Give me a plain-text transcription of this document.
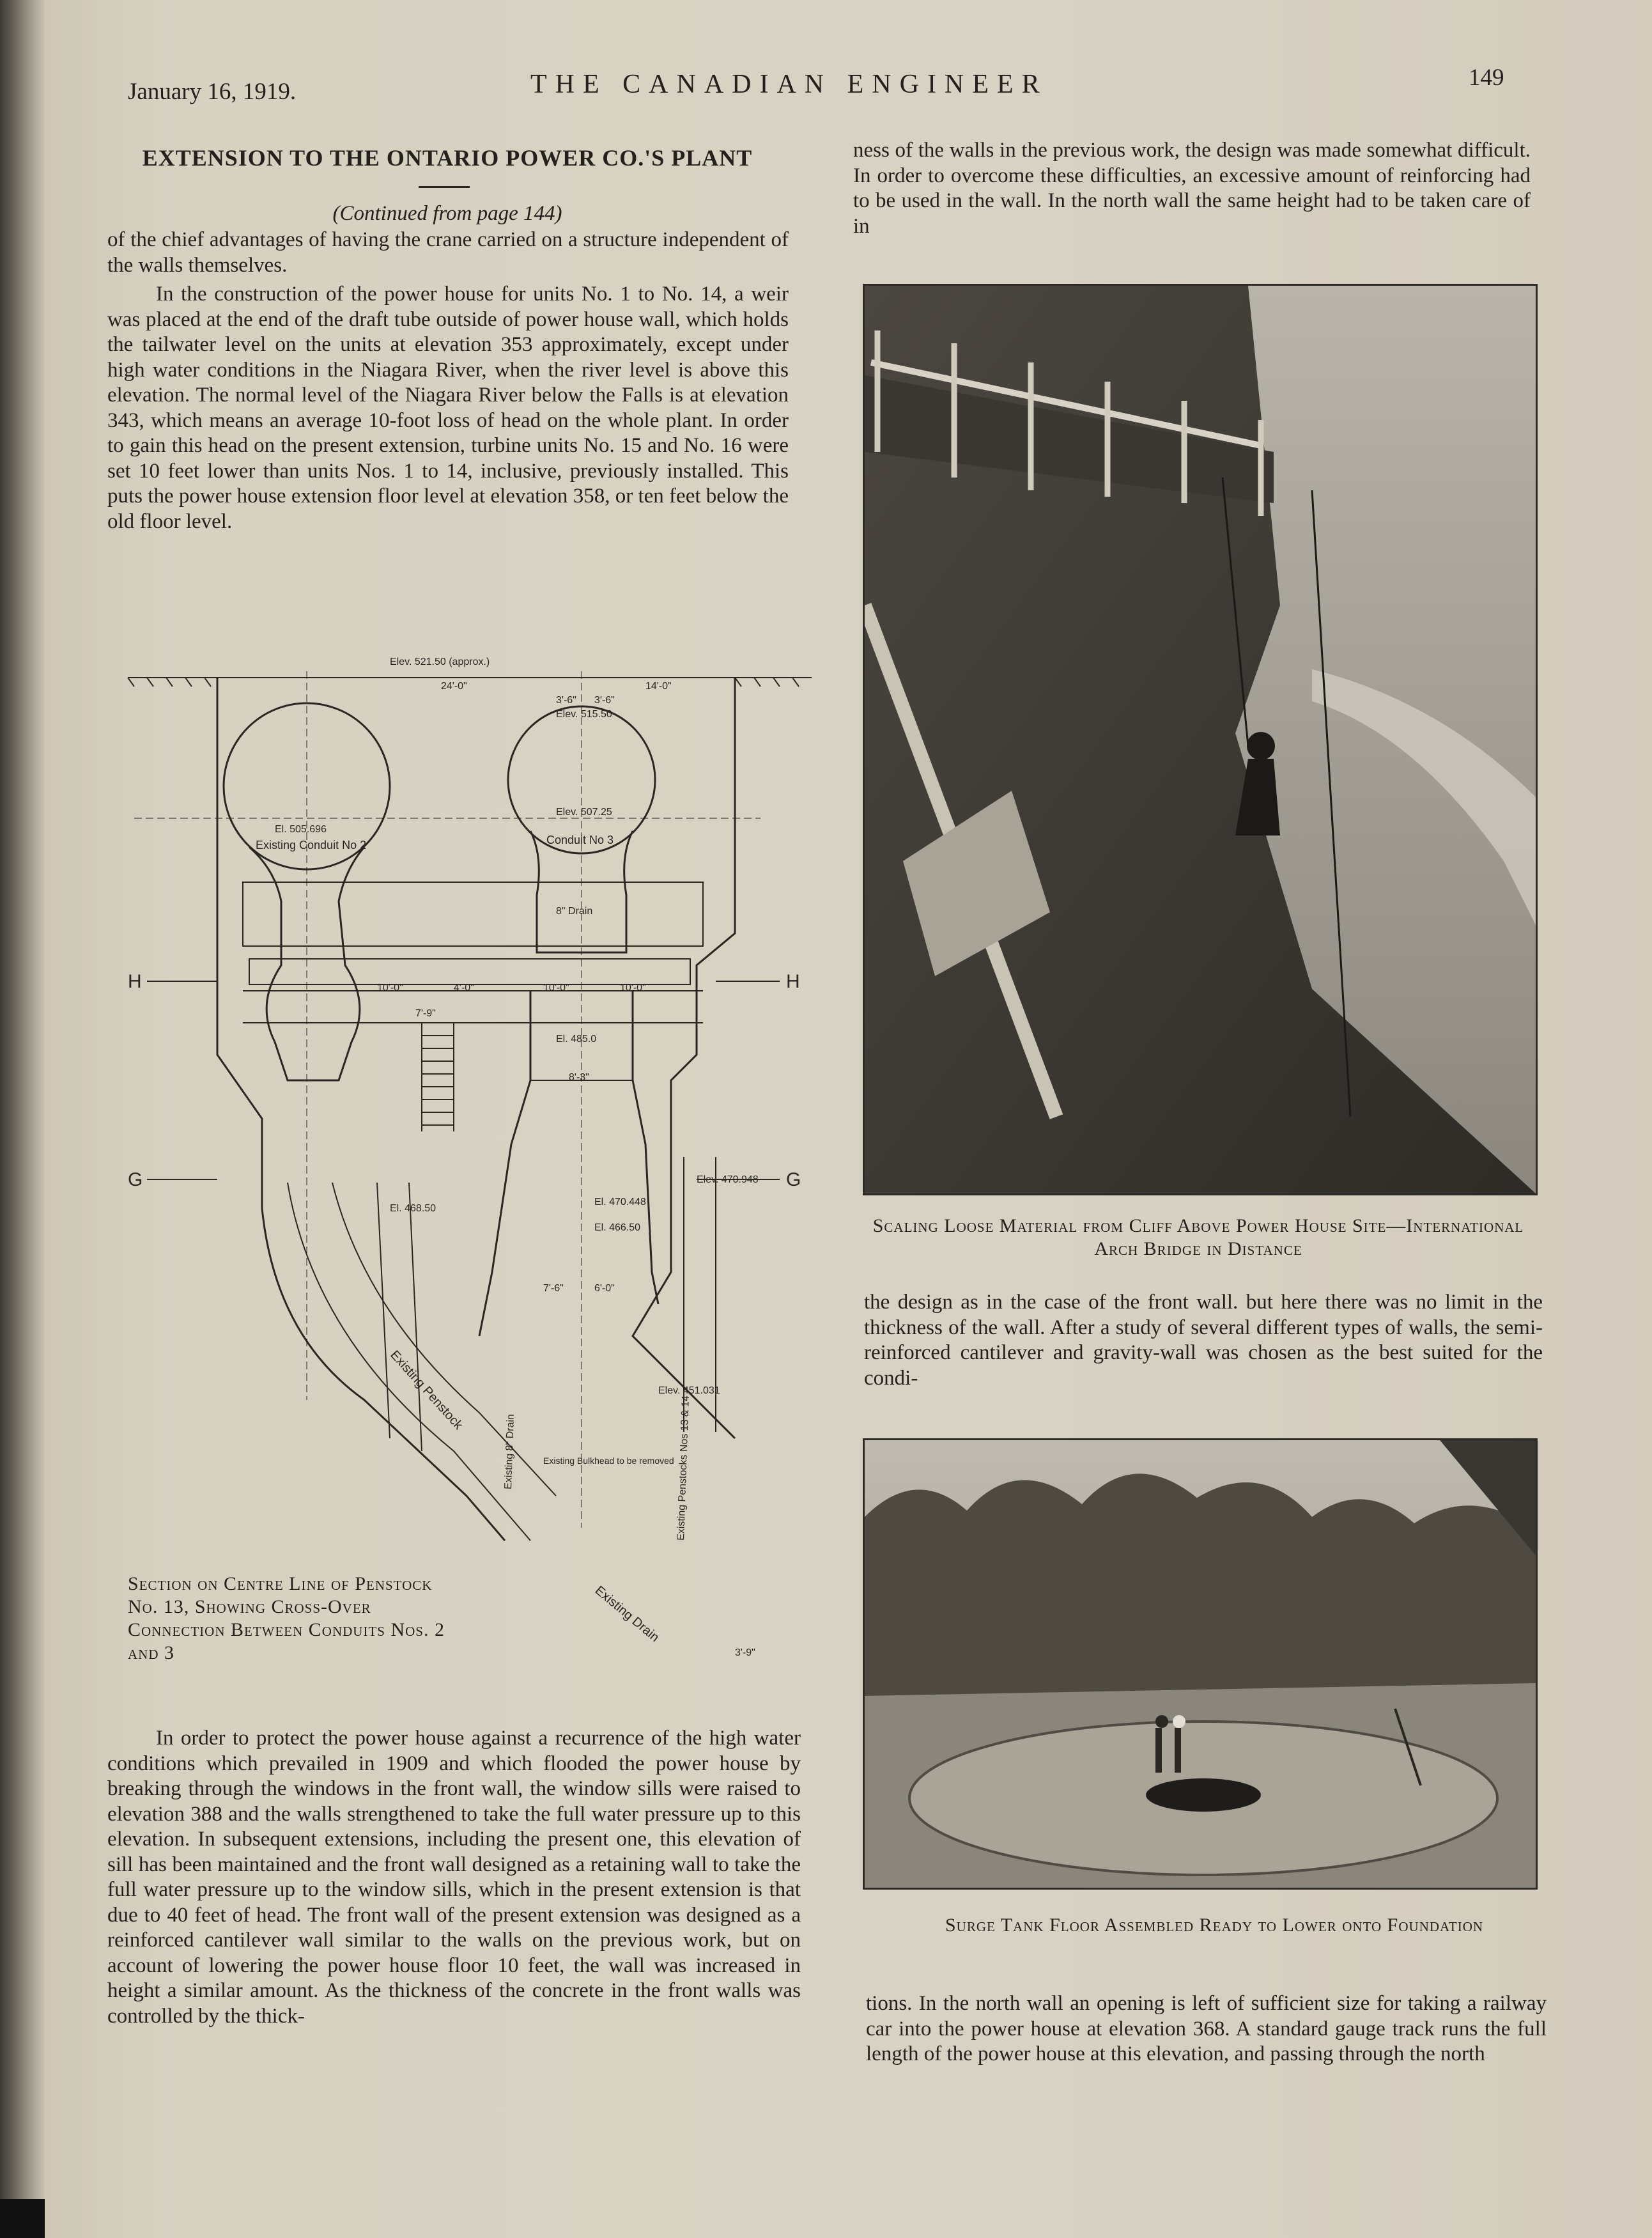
January 16, 1919.	THE CANADIAN ENGINEER	149
EXTENSION TO THE ONTARIO POWER CO.'S PLANT
(Continued from page 144)

of the chief advantages of having the crane carried on a structure independent of the walls themselves.

In the construction of the power house for units No. 1 to No. 14, a weir was placed at the end of the draft tube outside of power house wall, which holds the tailwater level on the units at elevation 353 approximately, except under high water conditions in the Niagara River, when the river level is above this elevation. The normal level of the Niagara River below the Falls is at elevation 343, which means an average 10-foot loss of head on the whole plant. In order to gain this head on the present extension, turbine units No. 15 and No. 16 were set 10 feet lower than units Nos. 1 to 14, inclusive, previously installed. This puts the power house extension floor level at elevation 358, or ten feet below the old floor level.

Elev. 521.50 (approx.)
24'-0"	14'-0"
3'-6" 3'-6"
Elev. 515.50
El. 505.696
Existing Conduit No 2
Elev. 507.25
Conduit No 3
8" Drain
H	H
G	G
10'-0"	4'-0"	10'-0"	10'-0"
El. 485.0
7'-9"
8'-3"
Elev. 470.948
El. 468.50
El. 470.448
El. 466.50
7'-6"	6'-0"
Existing Penstock
Existing 8" Drain	Existing Bulkhead to be removed
Elev. 451.031
Existing Penstocks Nos 13 & 14
Existing Drain
3'-9"
Section on Centre Line of Penstock No. 13, Showing Cross-Over Connection Between Conduits Nos. 2 and 3

In order to protect the power house against a recurrence of the high water conditions which prevailed in 1909 and which flooded the power house by breaking through the windows in the front wall, the window sills were raised to elevation 388 and the walls strengthened to take the full water pressure up to this elevation. In subsequent extensions, including the present one, this elevation of sill has been maintained and the front wall designed as a retaining wall to take the full water pressure up to the window sills, which in the present extension is that due to 40 feet of head. The front wall of the present extension was designed as a reinforced cantilever wall similar to the walls on the previous work, but on account of lowering the power house floor 10 feet, the wall was increased in height a similar amount. As the thickness of the concrete in the front walls was controlled by the thick-

ness of the walls in the previous work, the design was made somewhat difficult. In order to overcome these difficulties, an excessive amount of reinforcing had to be used in the wall. In the north wall the same height had to be taken care of in

Scaling Loose Material from Cliff Above Power House Site—International Arch Bridge in Distance

the design as in the case of the front wall. but here there was no limit in the thickness of the wall. After a study of several different types of walls, the semi-reinforced cantilever and gravity-wall was chosen as the best suited for the condi-

Surge Tank Floor Assembled Ready to Lower onto Foundation

tions. In the north wall an opening is left of sufficient size for taking a railway car into the power house at elevation 368. A standard gauge track runs the full length of the power house at this elevation, and passing through the north
